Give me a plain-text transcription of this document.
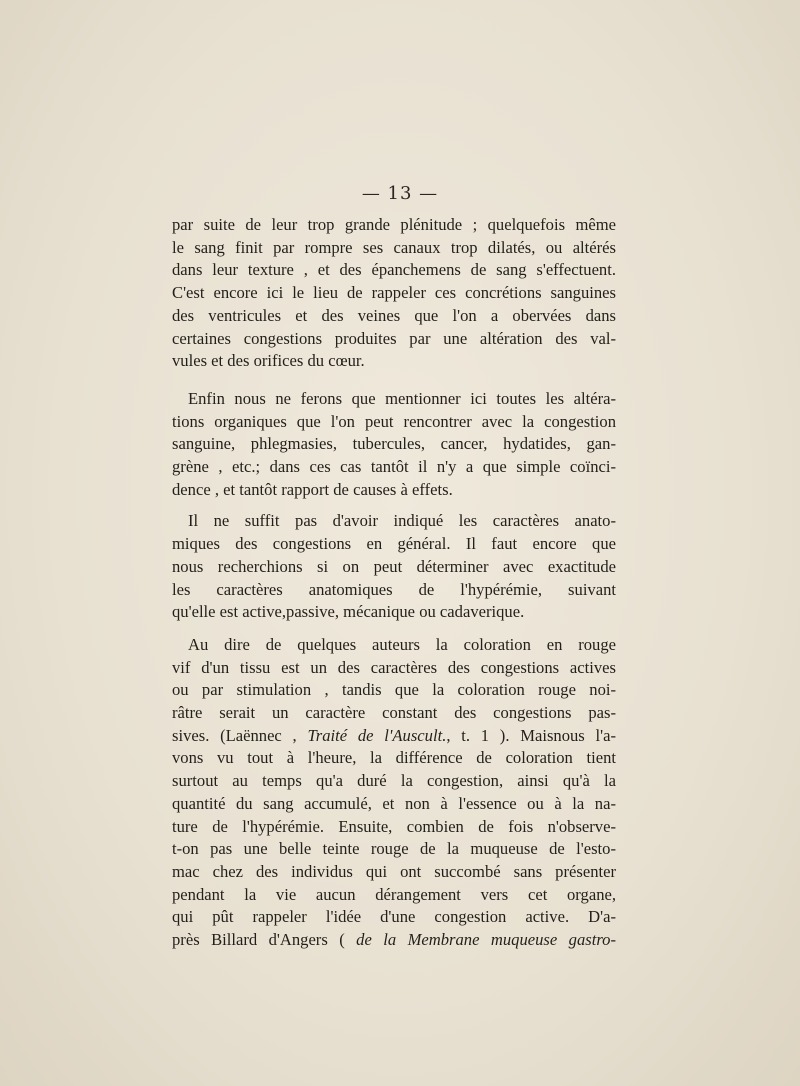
— 13 —
par suite de leur trop grande plénitude ; quelquefois même
le sang finit par rompre ses canaux trop dilatés, ou altérés
dans leur texture , et des épanchemens de sang s'effectuent.
C'est encore ici le lieu de rappeler ces concrétions sanguines
des ventricules et des veines que l'on a obervées dans
certaines congestions produites par une altération des val-
vules et des orifices du cœur.
Enfin nous ne ferons que mentionner ici toutes les altéra-
tions organiques que l'on peut rencontrer avec la congestion
sanguine, phlegmasies, tubercules, cancer, hydatides, gan-
grène , etc.; dans ces cas tantôt il n'y a que simple coïnci-
dence , et tantôt rapport de causes à effets.
Il ne suffit pas d'avoir indiqué les caractères anato-
miques des congestions en général. Il faut encore que
nous recherchions si on peut déterminer avec exactitude
les caractères anatomiques de l'hypérémie, suivant
qu'elle est active,passive, mécanique ou cadaverique.
Au dire de quelques auteurs la coloration en rouge
vif d'un tissu est un des caractères des congestions actives
ou par stimulation , tandis que la coloration rouge noi-
râtre serait un caractère constant des congestions pas-
sives. (Laënnec , Traité de l'Auscult., t. 1 ). Maisnous l'a-
vons vu tout à l'heure, la différence de coloration tient
surtout au temps qu'a duré la congestion, ainsi qu'à la
quantité du sang accumulé, et non à l'essence ou à la na-
ture de l'hypérémie. Ensuite, combien de fois n'observe-
t-on pas une belle teinte rouge de la muqueuse de l'esto-
mac chez des individus qui ont succombé sans présenter
pendant la vie aucun dérangement vers cet organe,
qui pût rappeler l'idée d'une congestion active. D'a-
près Billard d'Angers ( de la Membrane muqueuse gastro-
